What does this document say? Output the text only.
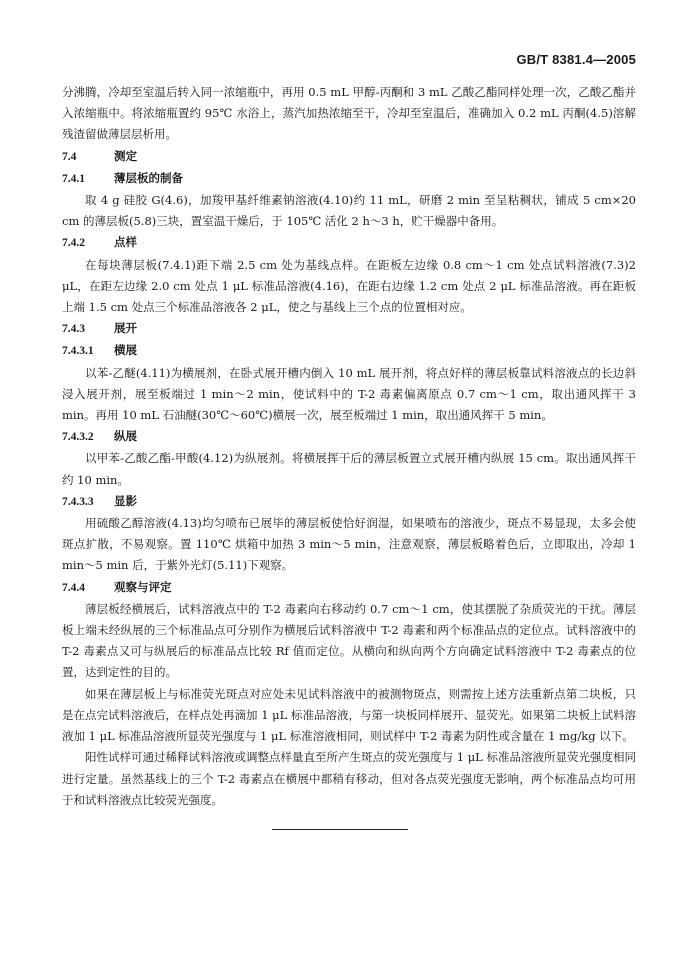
GB/T 8381.4—2005

分沸腾，冷却至室温后转入同一浓缩瓶中，再用 0.5 mL 甲醇-丙酮和 3 mL 乙酸乙酯同样处理一次，乙酸乙酯并入浓缩瓶中。将浓缩瓶置约 95℃ 水浴上，蒸汽加热浓缩至干，冷却至室温后，准确加入 0.2 mL 丙酮(4.5)溶解残渣留做薄层层析用。

7.4	测定
7.4.1	薄层板的制备

取 4 g 硅胶 G(4.6)，加羧甲基纤维素钠溶液(4.10)约 11 mL，研磨 2 min 至呈粘稠状，铺成 5 cm×20 cm 的薄层板(5.8)三块，置室温干燥后，于 105℃ 活化 2 h～3 h，贮干燥器中备用。

7.4.2	点样

在每块薄层板(7.4.1)距下端 2.5 cm 处为基线点样。在距板左边缘 0.8 cm～1 cm 处点试料溶液(7.3)2 μL，在距左边缘 2.0 cm 处点 1 μL 标准品溶液(4.16)，在距右边缘 1.2 cm 处点 2 μL 标准品溶液。再在距板上端 1.5 cm 处点三个标准品溶液各 2 μL，使之与基线上三个点的位置相对应。

7.4.3	展开
7.4.3.1 横展

以苯-乙醚(4.11)为横展剂，在卧式展开槽内倒入 10 mL 展开剂，将点好样的薄层板靠试料溶液点的长边斜浸入展开剂，展至板端过 1 min～2 min，使试料中的 T-2 毒素偏离原点 0.7 cm～1 cm，取出通风挥干 3 min。再用 10 mL 石油醚(30℃～60℃)横展一次，展至板端过 1 min，取出通风挥干 5 min。

7.4.3.2 纵展

以甲苯-乙酸乙酯-甲酸(4.12)为纵展剂。将横展挥干后的薄层板置立式展开槽内纵展 15 cm。取出通风挥干约 10 min。

7.4.3.3 显影

用硫酸乙醇溶液(4.13)均匀喷布已展毕的薄层板使恰好润湿，如果喷布的溶液少，斑点不易显现，太多会使斑点扩散，不易观察。置 110℃ 烘箱中加热 3 min～5 min，注意观察，薄层板略着色后，立即取出，冷却 1 min～5 min 后，于紫外光灯(5.11)下观察。

7.4.4	观察与评定

薄层板经横展后，试料溶液点中的 T-2 毒素向右移动约 0.7 cm～1 cm，使其摆脱了杂质荧光的干扰。薄层板上端未经纵展的三个标准品点可分别作为横展后试料溶液中 T-2 毒素和两个标准品点的定位点。试料溶液中的 T-2 毒素点又可与纵展后的标准品点比较 Rf 值而定位。从横向和纵向两个方向确定试料溶液中 T-2 毒素点的位置，达到定性的目的。

如果在薄层板上与标准荧光斑点对应处未见试料溶液中的被测物斑点，则需按上述方法重新点第二块板，只是在点完试料溶液后，在样点处再滴加 1 μL 标准品溶液，与第一块板同样展开、显荧光。如果第二块板上试料溶液加 1 μL 标准品溶液所显荧光强度与 1 μL 标准溶液相同，则试样中 T-2 毒素为阴性或含量在 1 mg/kg 以下。

阳性试样可通过稀释试料溶液或调整点样量直至所产生斑点的荧光强度与 1 μL 标准品溶液所显荧光强度相同进行定量。虽然基线上的三个 T-2 毒素点在横展中都稍有移动，但对各点荧光强度无影响，两个标准品点均可用于和试料溶液点比较荧光强度。
